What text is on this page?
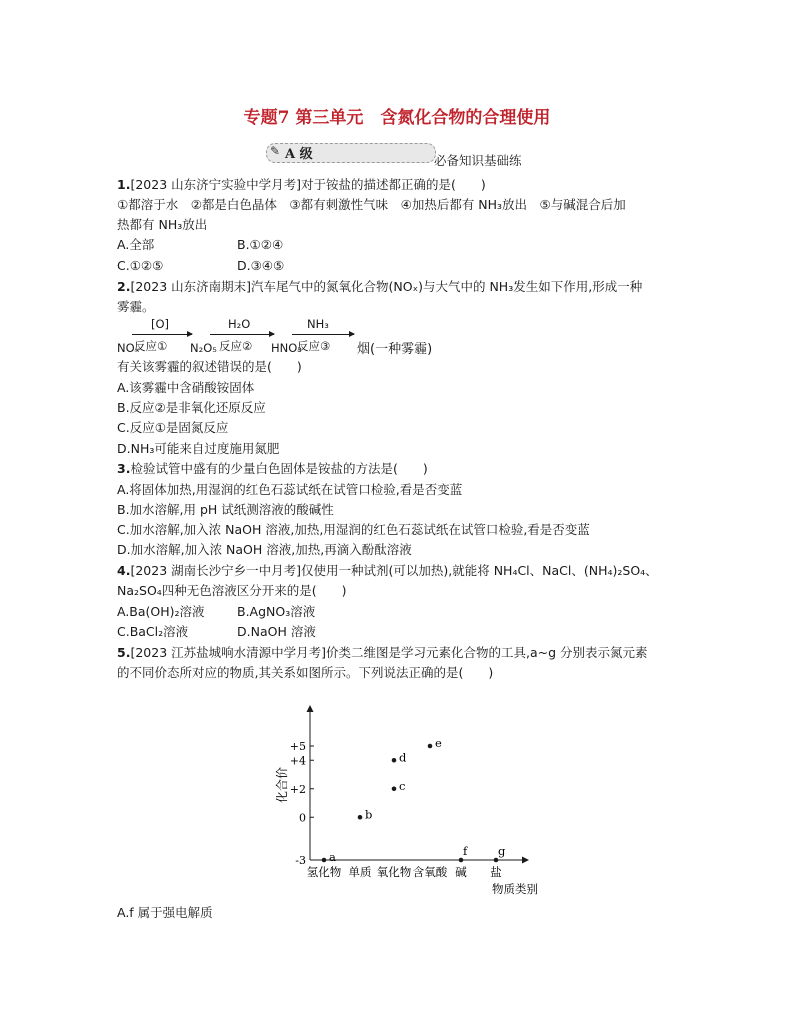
专题7 第三单元　含氮化合物的合理使用
✎ A 级	必备知识基础练
1.[2023 山东济宁实验中学月考]对于铵盐的描述都正确的是(　　)
①都溶于水　②都是白色晶体　③都有刺激性气味　④加热后都有 NH₃放出　⑤与碱混合后加
热都有 NH₃放出
A.全部	B.①②④
C.①②⑤	D.③④⑤
2.[2023 山东济南期末]汽车尾气中的氮氧化合物(NOₓ)与大气中的 NH₃发生如下作用,形成一种
雾霾。
[O]
反应①
H₂O
反应②
NH₃
反应③
NOₓ	N₂O₅	HNO₃	烟(一种雾霾)
有关该雾霾的叙述错误的是(　　)
A.该雾霾中含硝酸铵固体
B.反应②是非氧化还原反应
C.反应①是固氮反应
D.NH₃可能来自过度施用氮肥
3.检验试管中盛有的少量白色固体是铵盐的方法是(　　)
A.将固体加热,用湿润的红色石蕊试纸在试管口检验,看是否变蓝
B.加水溶解,用 pH 试纸测溶液的酸碱性
C.加水溶解,加入浓 NaOH 溶液,加热,用湿润的红色石蕊试纸在试管口检验,看是否变蓝
D.加水溶解,加入浓 NaOH 溶液,加热,再滴入酚酞溶液
4.[2023 湖南长沙宁乡一中月考]仅使用一种试剂(可以加热),就能将 NH₄Cl、NaCl、(NH₄)₂SO₄、
Na₂SO₄四种无色溶液区分开来的是(　　)
A.Ba(OH)₂溶液	B.AgNO₃溶液
C.BaCl₂溶液	D.NaOH 溶液
5.[2023 江苏盐城响水清源中学月考]价类二维图是学习元素化合物的工具,a~g 分别表示氮元素
的不同价态所对应的物质,其关系如图所示。下列说法正确的是(　　)
+5
+4
+2
0
-3
氢化物 单质 氧化物 含氧酸 碱 盐
物质类别
化合价
a
b
c
d
e
f	g
A.f 属于强电解质
